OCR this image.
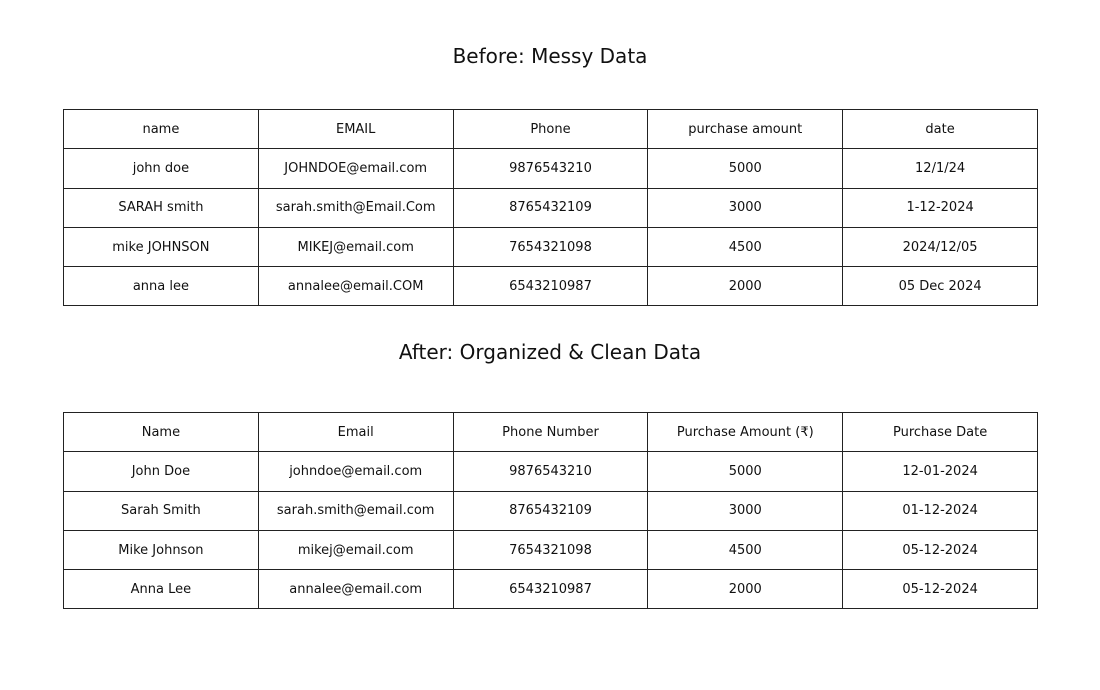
Before: Messy Data
name	EMAIL	Phone	purchase amount	date
john doe	JOHNDOE@email.com	9876543210	5000	12/1/24
SARAH smith	sarah.smith@Email.Com	8765432109	3000	1-12-2024
mike JOHNSON	MIKEJ@email.com	7654321098	4500	2024/12/05
anna lee	annalee@email.COM	6543210987	2000	05 Dec 2024
After: Organized & Clean Data
Name	Email	Phone Number	Purchase Amount (₹)	Purchase Date
John Doe	johndoe@email.com	9876543210	5000	12-01-2024
Sarah Smith	sarah.smith@email.com	8765432109	3000	01-12-2024
Mike Johnson	mikej@email.com	7654321098	4500	05-12-2024
Anna Lee	annalee@email.com	6543210987	2000	05-12-2024
